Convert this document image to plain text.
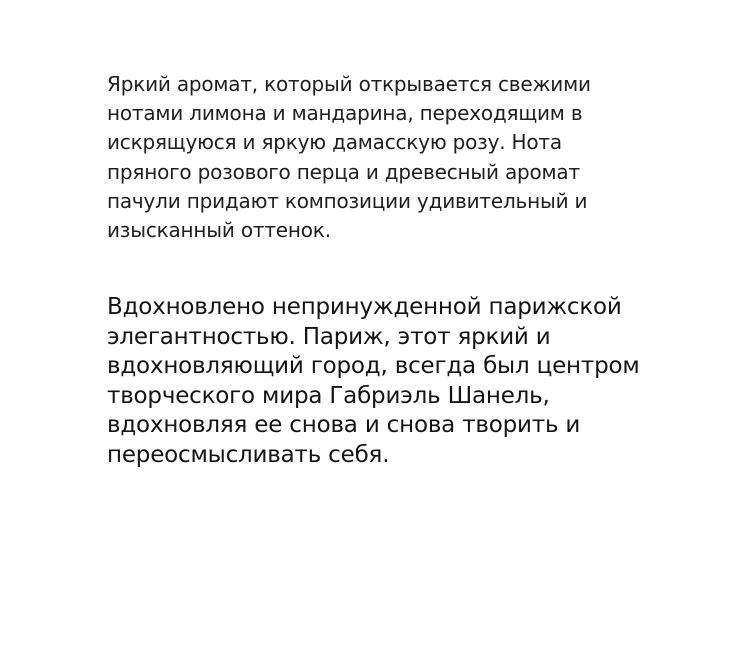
Яркий аромат, который открывается свежими
нотами лимона и мандарина, переходящим в
искрящуюся и яркую дамасскую розу. Нота
пряного розового перца и древесный аромат
пачули придают композиции удивительный и
изысканный оттенок.

Вдохновлено непринужденной парижской
элегантностью. Париж, этот яркий и
вдохновляющий город, всегда был центром
творческого мира Габриэль Шанель,
вдохновляя ее снова и снова творить и
переосмысливать себя.
